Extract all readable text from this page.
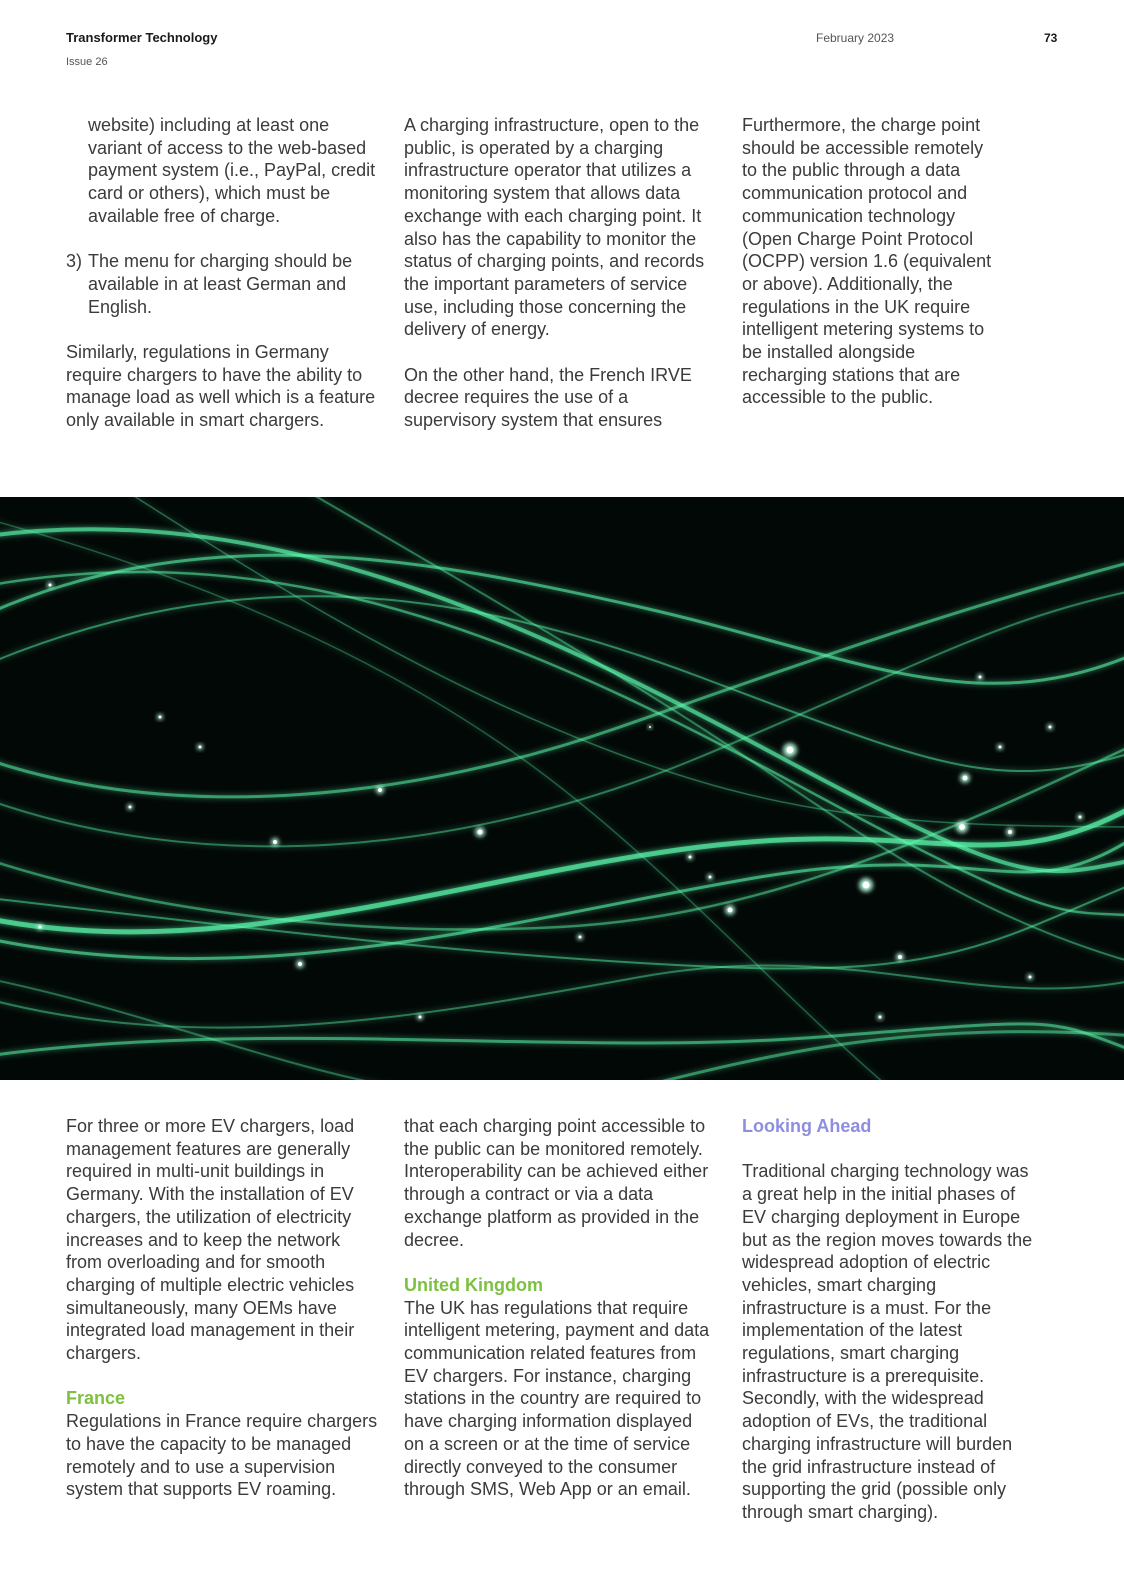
Transformer Technology
Issue 26
February 2023	73

website) including at least one variant of access to the web-based payment system (i.e., PayPal, credit card or others), which must be available free of charge.

3) The menu for charging should be available in at least German and English.

Similarly, regulations in Germany require chargers to have the ability to manage load as well which is a feature only available in smart chargers.

A charging infrastructure, open to the public, is operated by a charging infrastructure operator that utilizes a monitoring system that allows data exchange with each charging point. It also has the capability to monitor the status of charging points, and records the important parameters of service use, including those concerning the delivery of energy.

On the other hand, the French IRVE decree requires the use of a supervisory system that ensures

Furthermore, the charge point should be accessible remotely to the public through a data communication protocol and communication technology (Open Charge Point Protocol (OCPP) version 1.6 (equivalent or above). Additionally, the regulations in the UK require intelligent metering systems to be installed alongside recharging stations that are accessible to the public.

For three or more EV chargers, load management features are generally required in multi-unit buildings in Germany. With the installation of EV chargers, the utilization of electricity increases and to keep the network from overloading and for smooth charging of multiple electric vehicles simultaneously, many OEMs have integrated load management in their chargers.

France

Regulations in France require chargers to have the capacity to be managed remotely and to use a supervision system that supports EV roaming.

that each charging point accessible to the public can be monitored remotely. Interoperability can be achieved either through a contract or via a data exchange platform as provided in the decree.

United Kingdom

The UK has regulations that require intelligent metering, payment and data communication related features from EV chargers. For instance, charging stations in the country are required to have charging information displayed on a screen or at the time of service directly conveyed to the consumer through SMS, Web App or an email.

Looking Ahead

Traditional charging technology was a great help in the initial phases of EV charging deployment in Europe but as the region moves towards the widespread adoption of electric vehicles, smart charging infrastructure is a must. For the implementation of the latest regulations, smart charging infrastructure is a prerequisite. Secondly, with the widespread adoption of EVs, the traditional charging infrastructure will burden the grid infrastructure instead of supporting the grid (possible only through smart charging).
